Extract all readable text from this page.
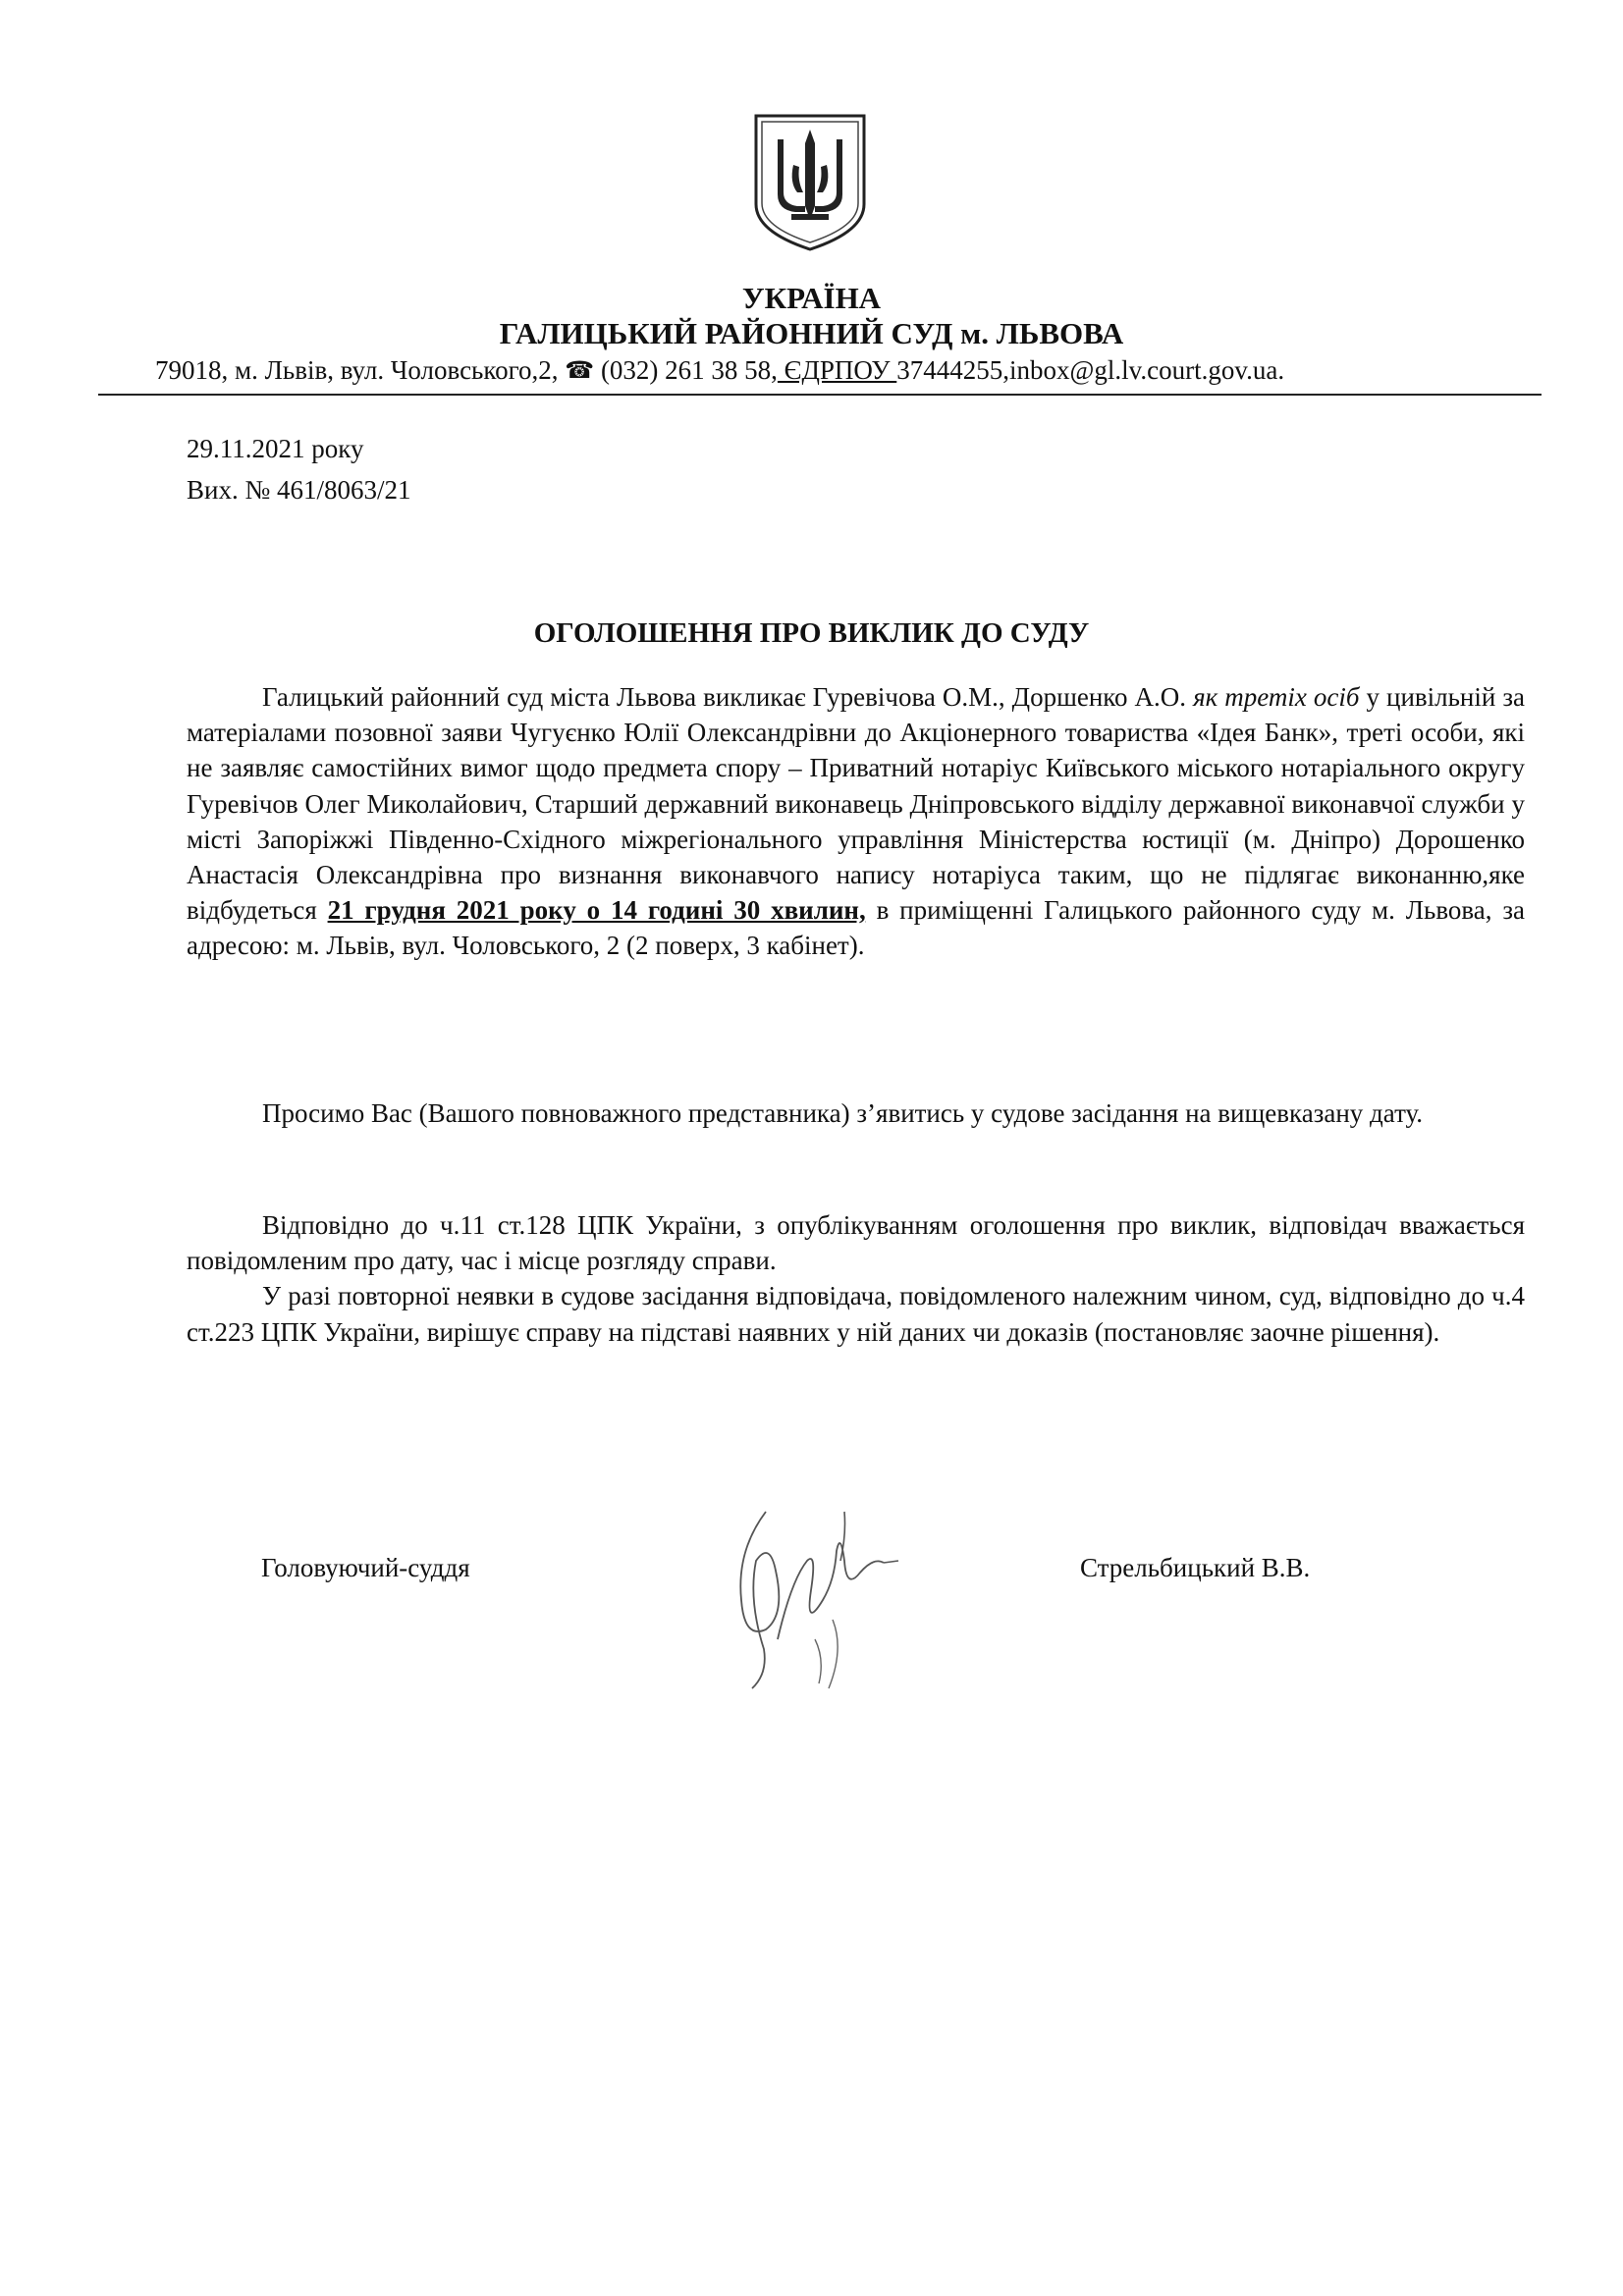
УКРАЇНА
ГАЛИЦЬКИЙ РАЙОННИЙ СУД м. ЛЬВОВА
79018, м. Львів, вул. Чоловського,2, ☎ (032) 261 38 58, ЄДРПОУ 37444255,inbox@gl.lv.court.gov.ua.
29.11.2021 року
Вих. № 461/8063/21
ОГОЛОШЕННЯ ПРО ВИКЛИК ДО СУДУ

Галицький районний суд міста Львова викликає Гуревічова О.М., Доршенко А.О. як третіх осіб у цивільній за матеріалами позовної заяви Чугуєнко Юлії Олександрівни до Акціонерного товариства «Ідея Банк», треті особи, які не заявляє самостійних вимог щодо предмета спору – Приватний нотаріус Київського міського нотаріального округу Гуревічов Олег Миколайович, Старший державний виконавець Дніпровського відділу державної виконавчої служби у місті Запоріжжі Південно-Східного міжрегіонального управління Міністерства юстиції (м. Дніпро) Дорошенко Анастасія Олександрівна про визнання виконавчого напису нотаріуса таким, що не підлягає виконанню,яке відбудеться 21 грудня 2021 року о 14 годині 30 хвилин, в приміщенні Галицького районного суду м. Львова, за адресою: м. Львів, вул. Чоловського, 2 (2 поверх, 3 кабінет).

Просимо Вас (Вашого повноважного представника) з’явитись у судове засідання на вищевказану дату.

Відповідно до ч.11 ст.128 ЦПК України, з опублікуванням оголошення про виклик, відповідач вважається повідомленим про дату, час і місце розгляду справи.

У разі повторної неявки в судове засідання відповідача, повідомленого належним чином, суд, відповідно до ч.4 ст.223 ЦПК України, вирішує справу на підставі наявних у ній даних чи доказів (постановляє заочне рішення).

Головуючий-суддя	Стрельбицький В.В.
